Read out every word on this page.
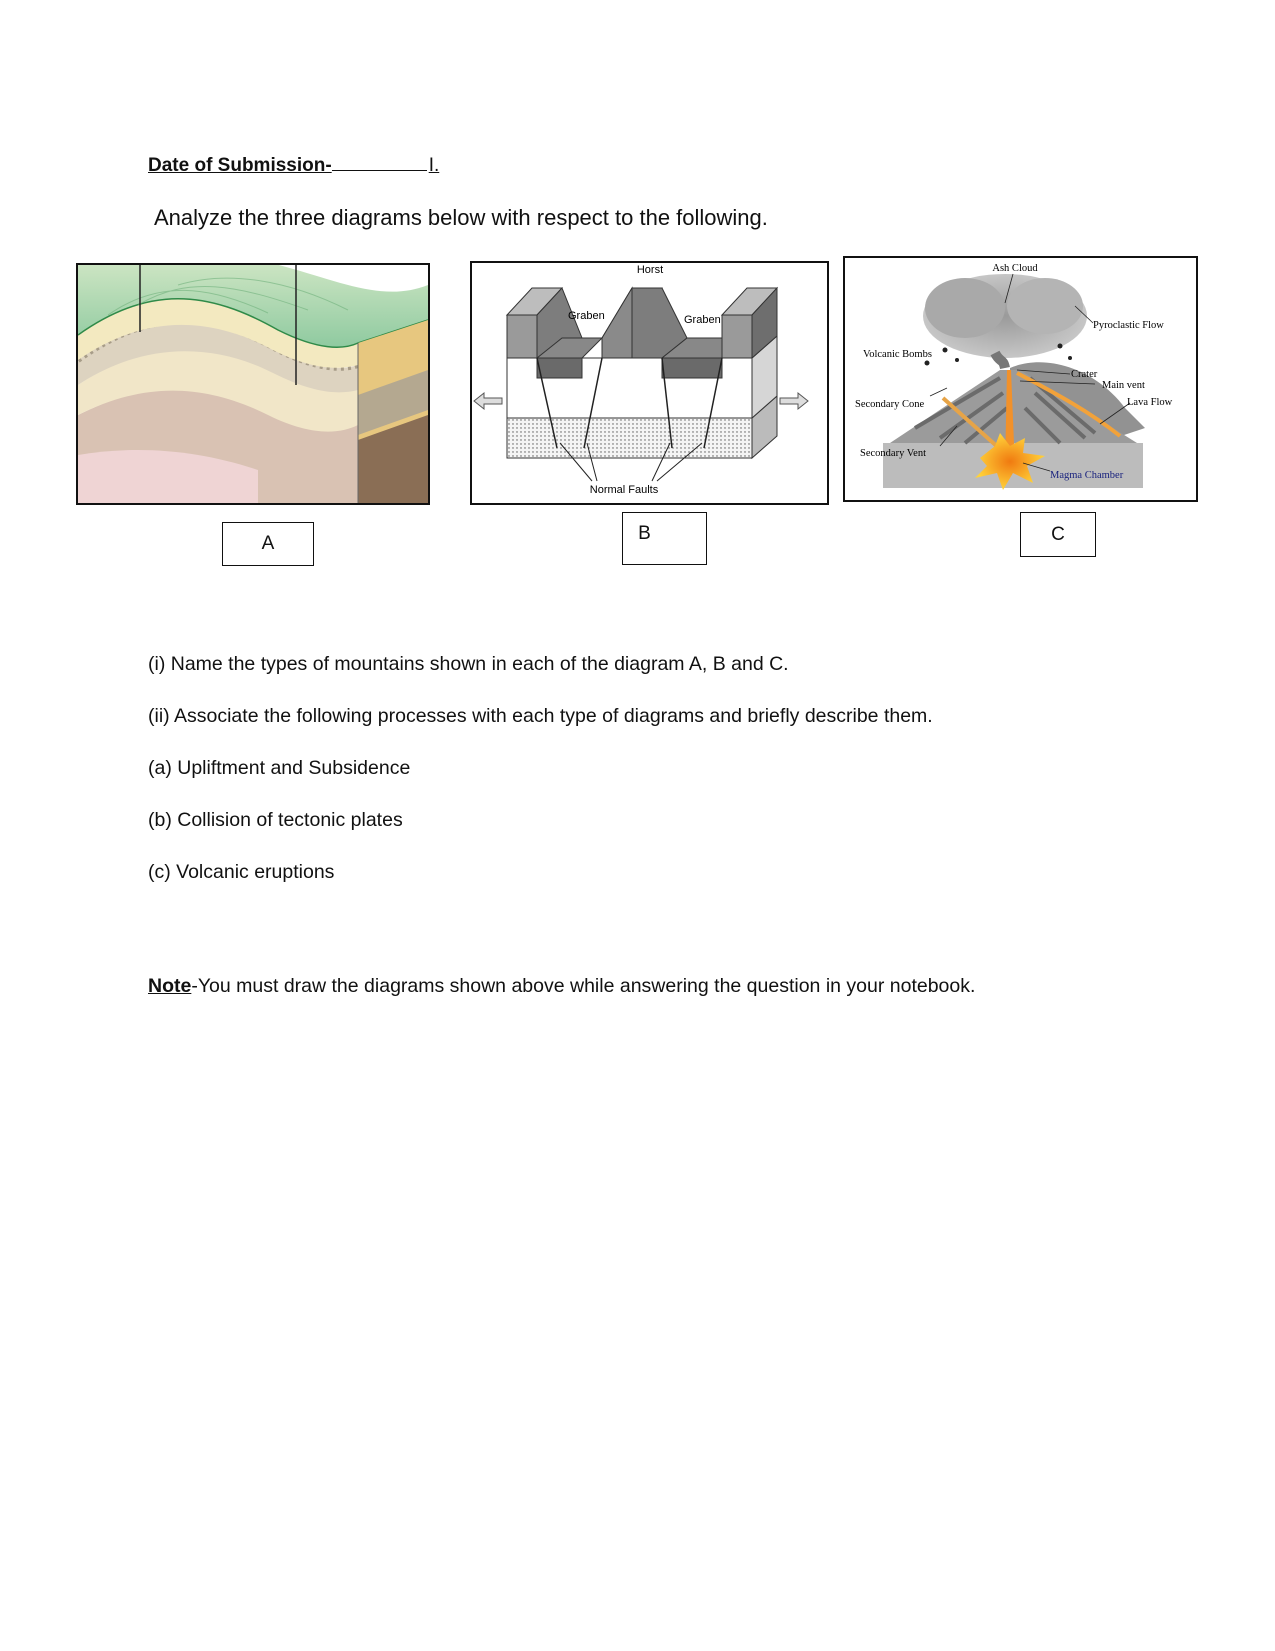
Date of Submission-	I.
Analyze the three diagrams below with respect to the following.
A
Horst
Graben	Graben
Normal Faults
B
Ash Cloud
Pyroclastic Flow
Volcanic Bombs
Crater
Main vent
Lava Flow
Secondary Cone
Secondary Vent
Magma Chamber
C
(i) Name the types of mountains shown in each of the diagram A, B and C.
(ii) Associate the following processes with each type of diagrams and briefly describe them.
(a) Upliftment and Subsidence
(b) Collision of tectonic plates
(c) Volcanic eruptions
Note-You must draw the diagrams shown above while answering the question in your notebook.
